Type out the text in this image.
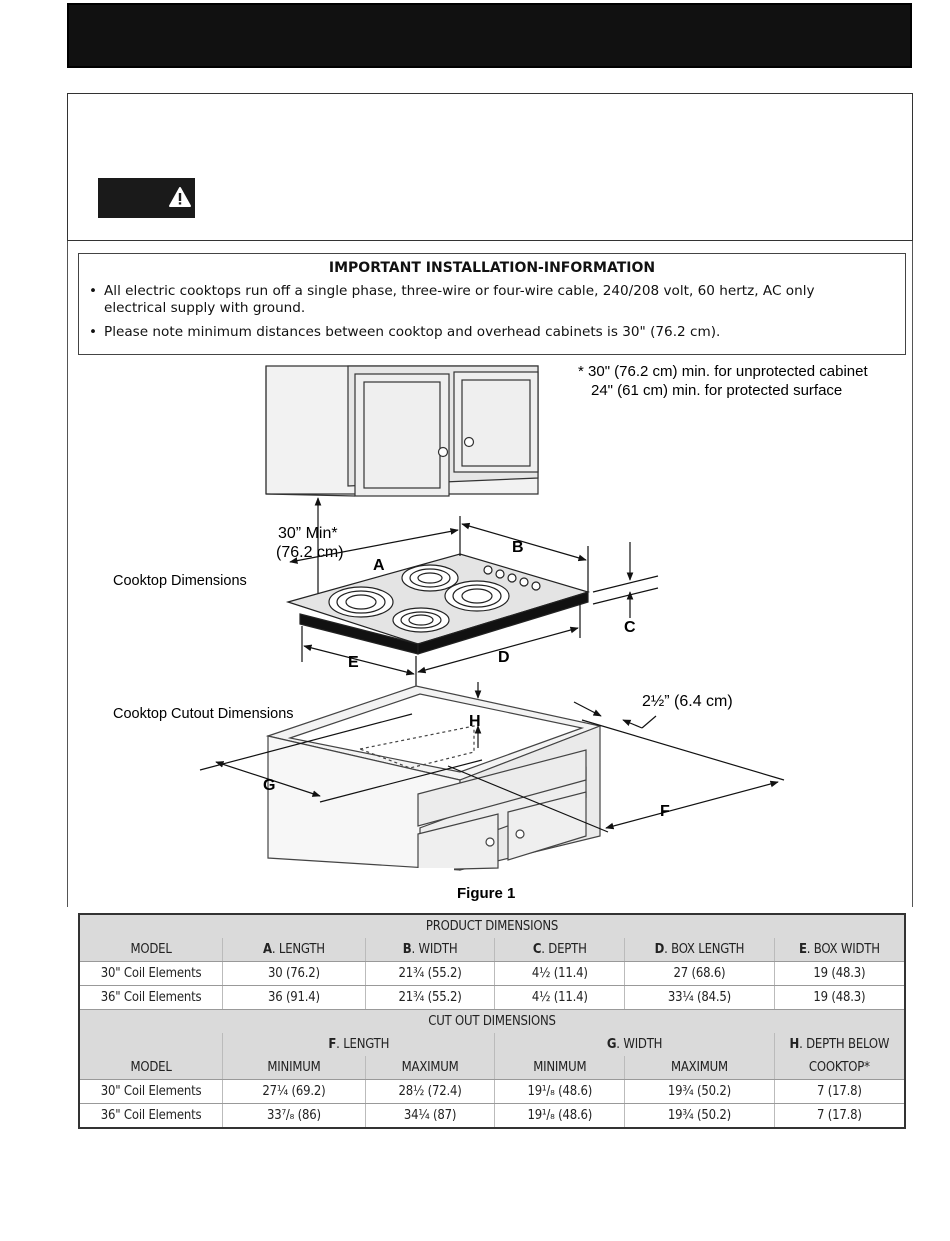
IMPORTANT INSTALLATION-INFORMATION
• All electric cooktops run off a single phase, three-wire or four-wire cable, 240/208 volt, 60 hertz, AC only electrical supply with ground.
• Please note minimum distances between cooktop and overhead cabinets is 30" (76.2 cm).
30” Min*
(76.2 cm)
* 30" (76.2 cm) min. for unprotected cabinet
24" (61 cm) min. for protected surface
A
B
C
D
E
Cooktop Dimensions
H
G
F
2½” (6.4 cm)
Cooktop Cutout Dimensions
Figure 1
PRODUCT DIMENSIONS					
MODEL	A. LENGTH	B. WIDTH	C. DEPTH	D. BOX LENGTH	E. BOX WIDTH
30" Coil Elements	30 (76.2)	21¾ (55.2)	4½ (11.4)	27 (68.6)	19 (48.3)
36" Coil Elements	36 (91.4)	21¾ (55.2)	4½ (11.4)	33¼ (84.5)	19 (48.3)
CUT OUT DIMENSIONS					
	F. LENGTH		G. WIDTH		H. DEPTH BELOW
MODEL	MINIMUM	MAXIMUM	MINIMUM	MAXIMUM	COOKTOP*
30" Coil Elements	27¼ (69.2)	28½ (72.4)	19¹/₈ (48.6)	19¾ (50.2)	7 (17.8)
36" Coil Elements	33⁷/₈ (86)	34¼ (87)	19¹/₈ (48.6)	19¾ (50.2)	7 (17.8)
